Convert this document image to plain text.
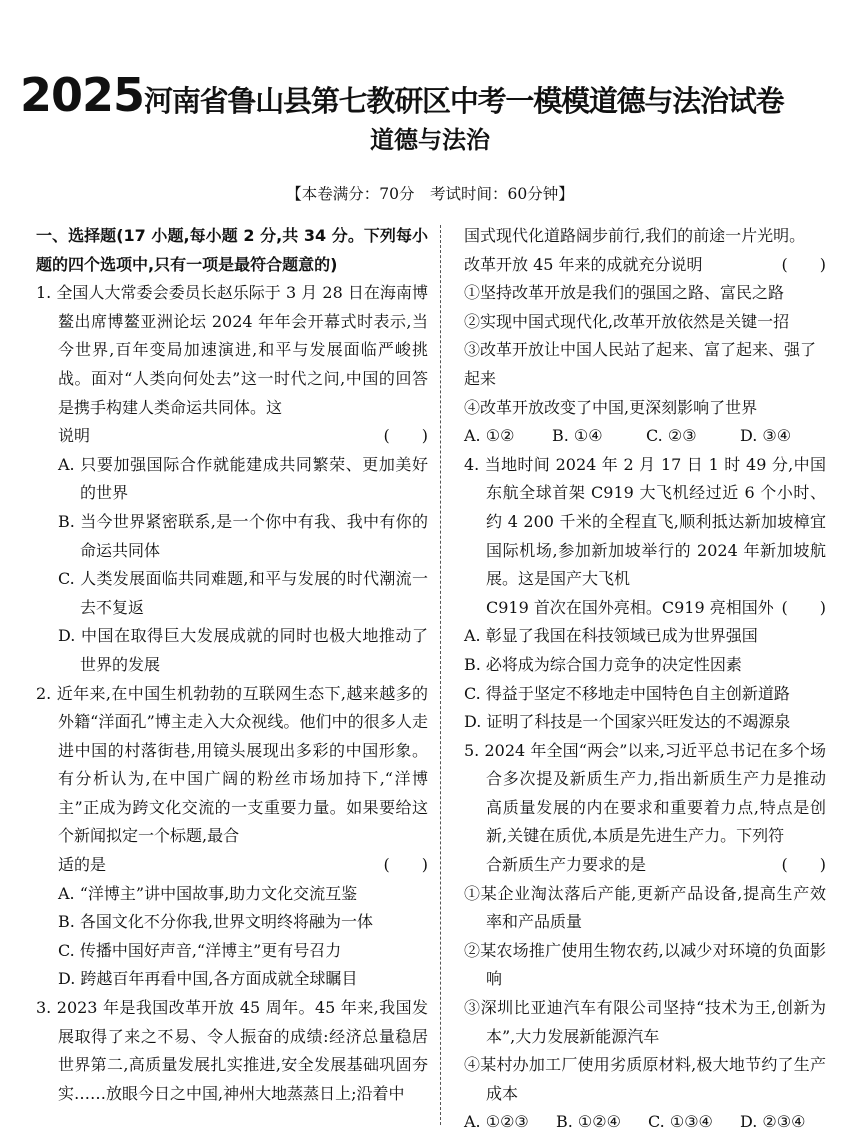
2025河南省鲁山县第七教研区中考一模模道德与法治试卷
道德与法治
【本卷满分：70分　考试时间：60分钟】
一、选择题(17 小题,每小题 2 分,共 34 分。下列每小题的四个选项中,只有一项是最符合题意的)
1. 全国人大常委会委员长赵乐际于 3 月 28 日在海南博鳌出席博鳌亚洲论坛 2024 年年会开幕式时表示,当今世界,百年变局加速演进,和平与发展面临严峻挑战。面对“人类向何处去”这一时代之问,中国的回答是携手构建人类命运共同体。这
说明	(　　)
A. 只要加强国际合作就能建成共同繁荣、更加美好的世界
B. 当今世界紧密联系,是一个你中有我、我中有你的命运共同体
C. 人类发展面临共同难题,和平与发展的时代潮流一去不复返
D. 中国在取得巨大发展成就的同时也极大地推动了世界的发展
2. 近年来,在中国生机勃勃的互联网生态下,越来越多的外籍“洋面孔”博主走入大众视线。他们中的很多人走进中国的村落街巷,用镜头展现出多彩的中国形象。有分析认为,在中国广阔的粉丝市场加持下,“洋博主”正成为跨文化交流的一支重要力量。如果要给这个新闻拟定一个标题,最合
适的是	(　　)
A. “洋博主”讲中国故事,助力文化交流互鉴
B. 各国文化不分你我,世界文明终将融为一体
C. 传播中国好声音,“洋博主”更有号召力
D. 跨越百年再看中国,各方面成就全球瞩目
3. 2023 年是我国改革开放 45 周年。45 年来,我国发展取得了来之不易、令人振奋的成绩:经济总量稳居世界第二,高质量发展扎实推进,安全发展基础巩固夯实……放眼今日之中国,神州大地蒸蒸日上;沿着中
国式现代化道路阔步前行,我们的前途一片光明。
改革开放 45 年来的成就充分说明	(　　)
①坚持改革开放是我们的强国之路、富民之路
②实现中国式现代化,改革开放依然是关键一招
③改革开放让中国人民站了起来、富了起来、强了起来
④改革开放改变了中国,更深刻影响了世界
A. ①②	B. ①④	C. ②③	D. ③④
4. 当地时间 2024 年 2 月 17 日 1 时 49 分,中国东航全球首架 C919 大飞机经过近 6 个小时、约 4 200 千米的全程直飞,顺利抵达新加坡樟宜国际机场,参加新加坡举行的 2024 年新加坡航展。这是国产大飞机
C919 首次在国外亮相。C919 亮相国外 (　　)
A. 彰显了我国在科技领域已成为世界强国
B. 必将成为综合国力竞争的决定性因素
C. 得益于坚定不移地走中国特色自主创新道路
D. 证明了科技是一个国家兴旺发达的不竭源泉
5. 2024 年全国“两会”以来,习近平总书记在多个场合多次提及新质生产力,指出新质生产力是推动高质量发展的内在要求和重要着力点,特点是创新,关键在质优,本质是先进生产力。下列符
合新质生产力要求的是	(　　)
①某企业淘汰落后产能,更新产品设备,提高生产效率和产品质量
②某农场推广使用生物农药,以减少对环境的负面影响
③深圳比亚迪汽车有限公司坚持“技术为王,创新为本”,大力发展新能源汽车
④某村办加工厂使用劣质原材料,极大地节约了生产成本
A. ①②③	B. ①②④	C. ①③④	D. ②③④
